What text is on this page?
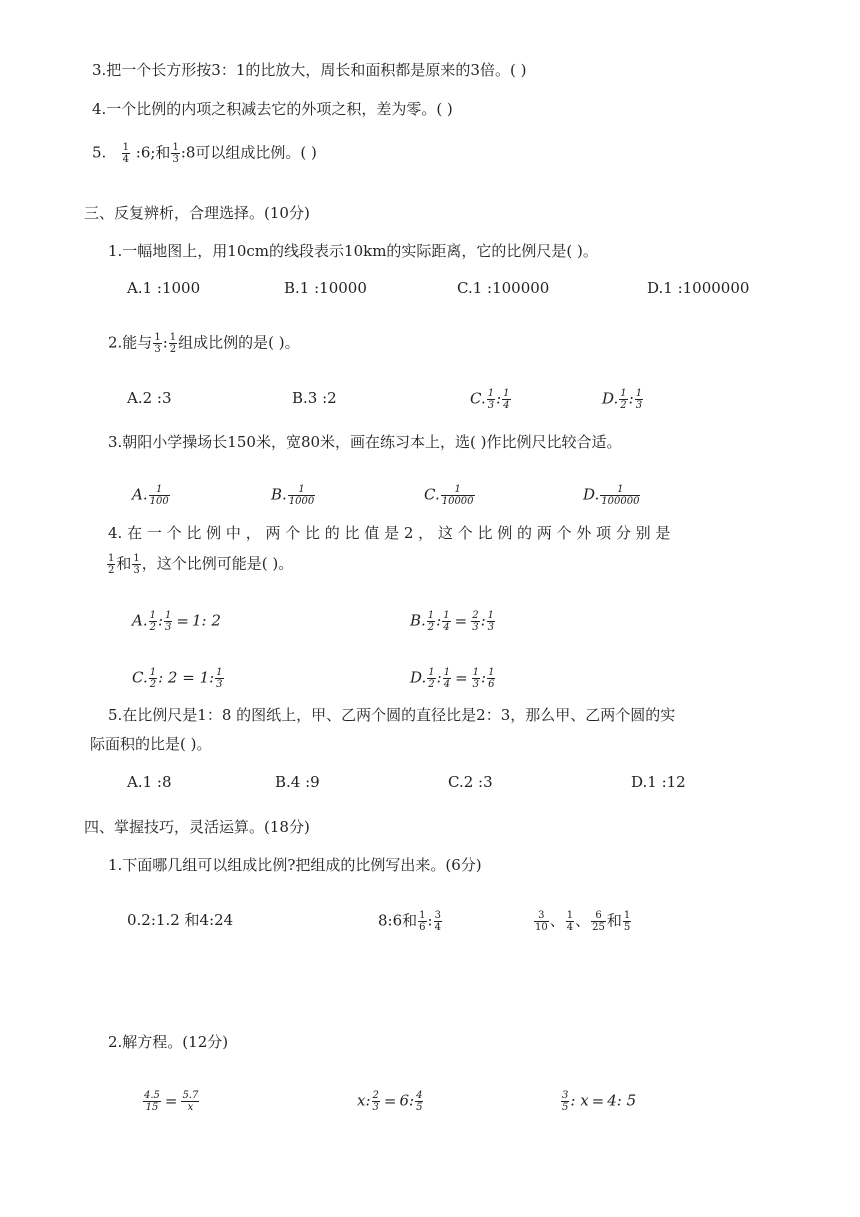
3.把一个长方形按3：1的比放大，周长和面积都是原来的3倍。( )
4.一个比例的内项之积减去它的外项之积，差为零。( )
5. $\frac{1}{4}$ :6;和 $\frac{1}{3}$ :8可以组成比例。( )
三、反复辨析，合理选择。(10分)
1.一幅地图上，用10cm的线段表示10km的实际距离，它的比例尺是( )。
A.1 :1000	B.1 :10000	C.1 :100000	D.1 :1000000
2.能与 $\frac{1}{3}$ : $\frac{1}{2}$ 组成比例的是( )。
A.2 :3	B.3 :2	C. $\frac{1}{3}$ : $\frac{1}{4}$	D. $\frac{1}{2}$ : $\frac{1}{3}$
3.朝阳小学操场长150米，宽80米，画在练习本上，选( )作比例尺比较合适。
A. $\frac{1}{100}$	B. $\frac{1}{1000}$	C. $\frac{1}{10000}$	D. $\frac{1}{100000}$
4. 在 一 个 比 例 中 ， 两 个 比 的 比 值 是 2 ， 这 个 比 例 的 两 个 外 项 分 别 是
$\frac{1}{2}$ 和 $\frac{1}{3}$ ，这个比例可能是( )。
A. $\frac{1}{2}$ : $\frac{1}{3} = 1$: 2	B. $\frac{1}{2}$ : $\frac{1}{4} = \frac{2}{3}$ : $\frac{1}{3}$
C. $\frac{1}{2}$ : 2 = 1: $\frac{1}{3}$	D. $\frac{1}{2}$ : $\frac{1}{4} = \frac{1}{3}$ : $\frac{1}{6}$
5.在比例尺是1：8 的图纸上，甲、乙两个圆的直径比是2：3，那么甲、乙两个圆的实
际面积的比是( )。
A.1 :8	B.4 :9	C.2 :3	D.1 :12
四、掌握技巧，灵活运算。(18分)
1.下面哪几组可以组成比例?把组成的比例写出来。(6分)
0.2:1.2 和4:24	8:6和 $\frac{1}{6}$ : $\frac{3}{4}$	$\frac{3}{10}$ 、 $\frac{1}{4}$ 、 $\frac{6}{25}$ 和 $\frac{1}{5}$
2.解方程。(12分)
$\frac{4.5}{15} = \frac{5.7}{x}$	x: $\frac{2}{3} = 6$: $\frac{4}{5}$	$\frac{3}{5}$ : x = 4: 5
